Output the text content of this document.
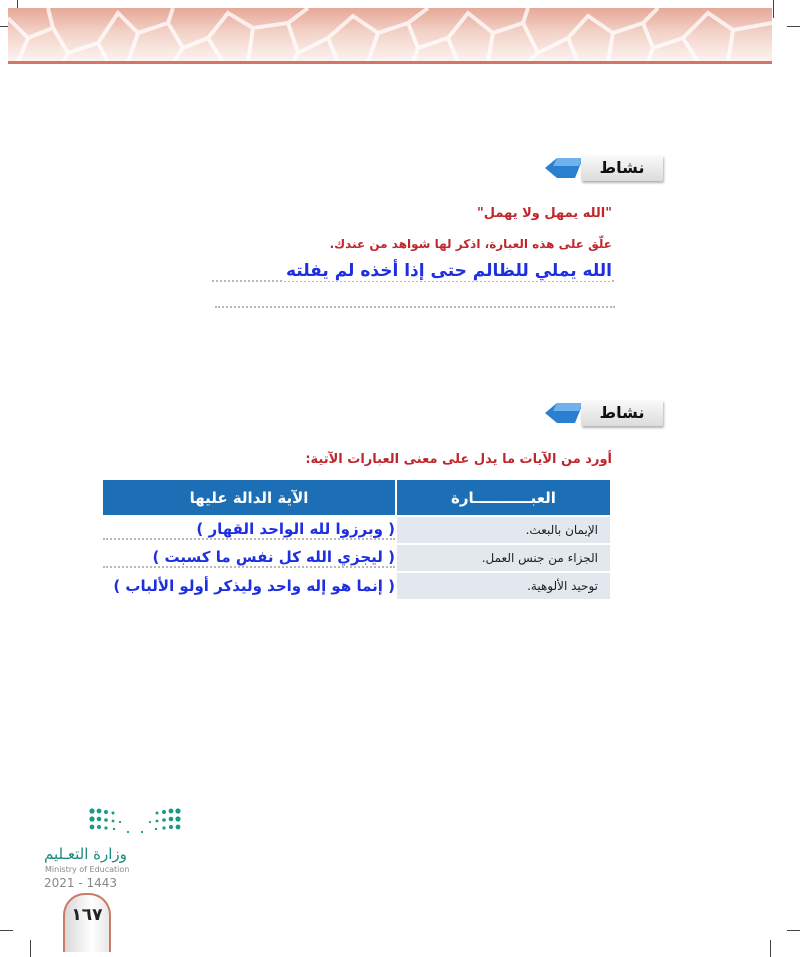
نشاط
"الله يمهل ولا يهمل"
علّق على هذه العبارة، اذكر لها شواهد من عندك.
الله يملي للظالم حتى إذا أخذه لم يفلته
نشاط
أورد من الآيات ما يدل على معنى العبارات الآتية:
العبـــــــــــارة	الآية الدالة عليها
الإيمان بالبعث.	( وبرزوا لله الواحد القهار )
الجزاء من جنس العمل.	( ليجزي الله كل نفس ما كسبت )
توحيد الألوهية.	( إنما هو إله واحد وليذكر أولو الألباب )
وزارة التعـليم
Ministry of Education
2021 - 1443
١٦٧
